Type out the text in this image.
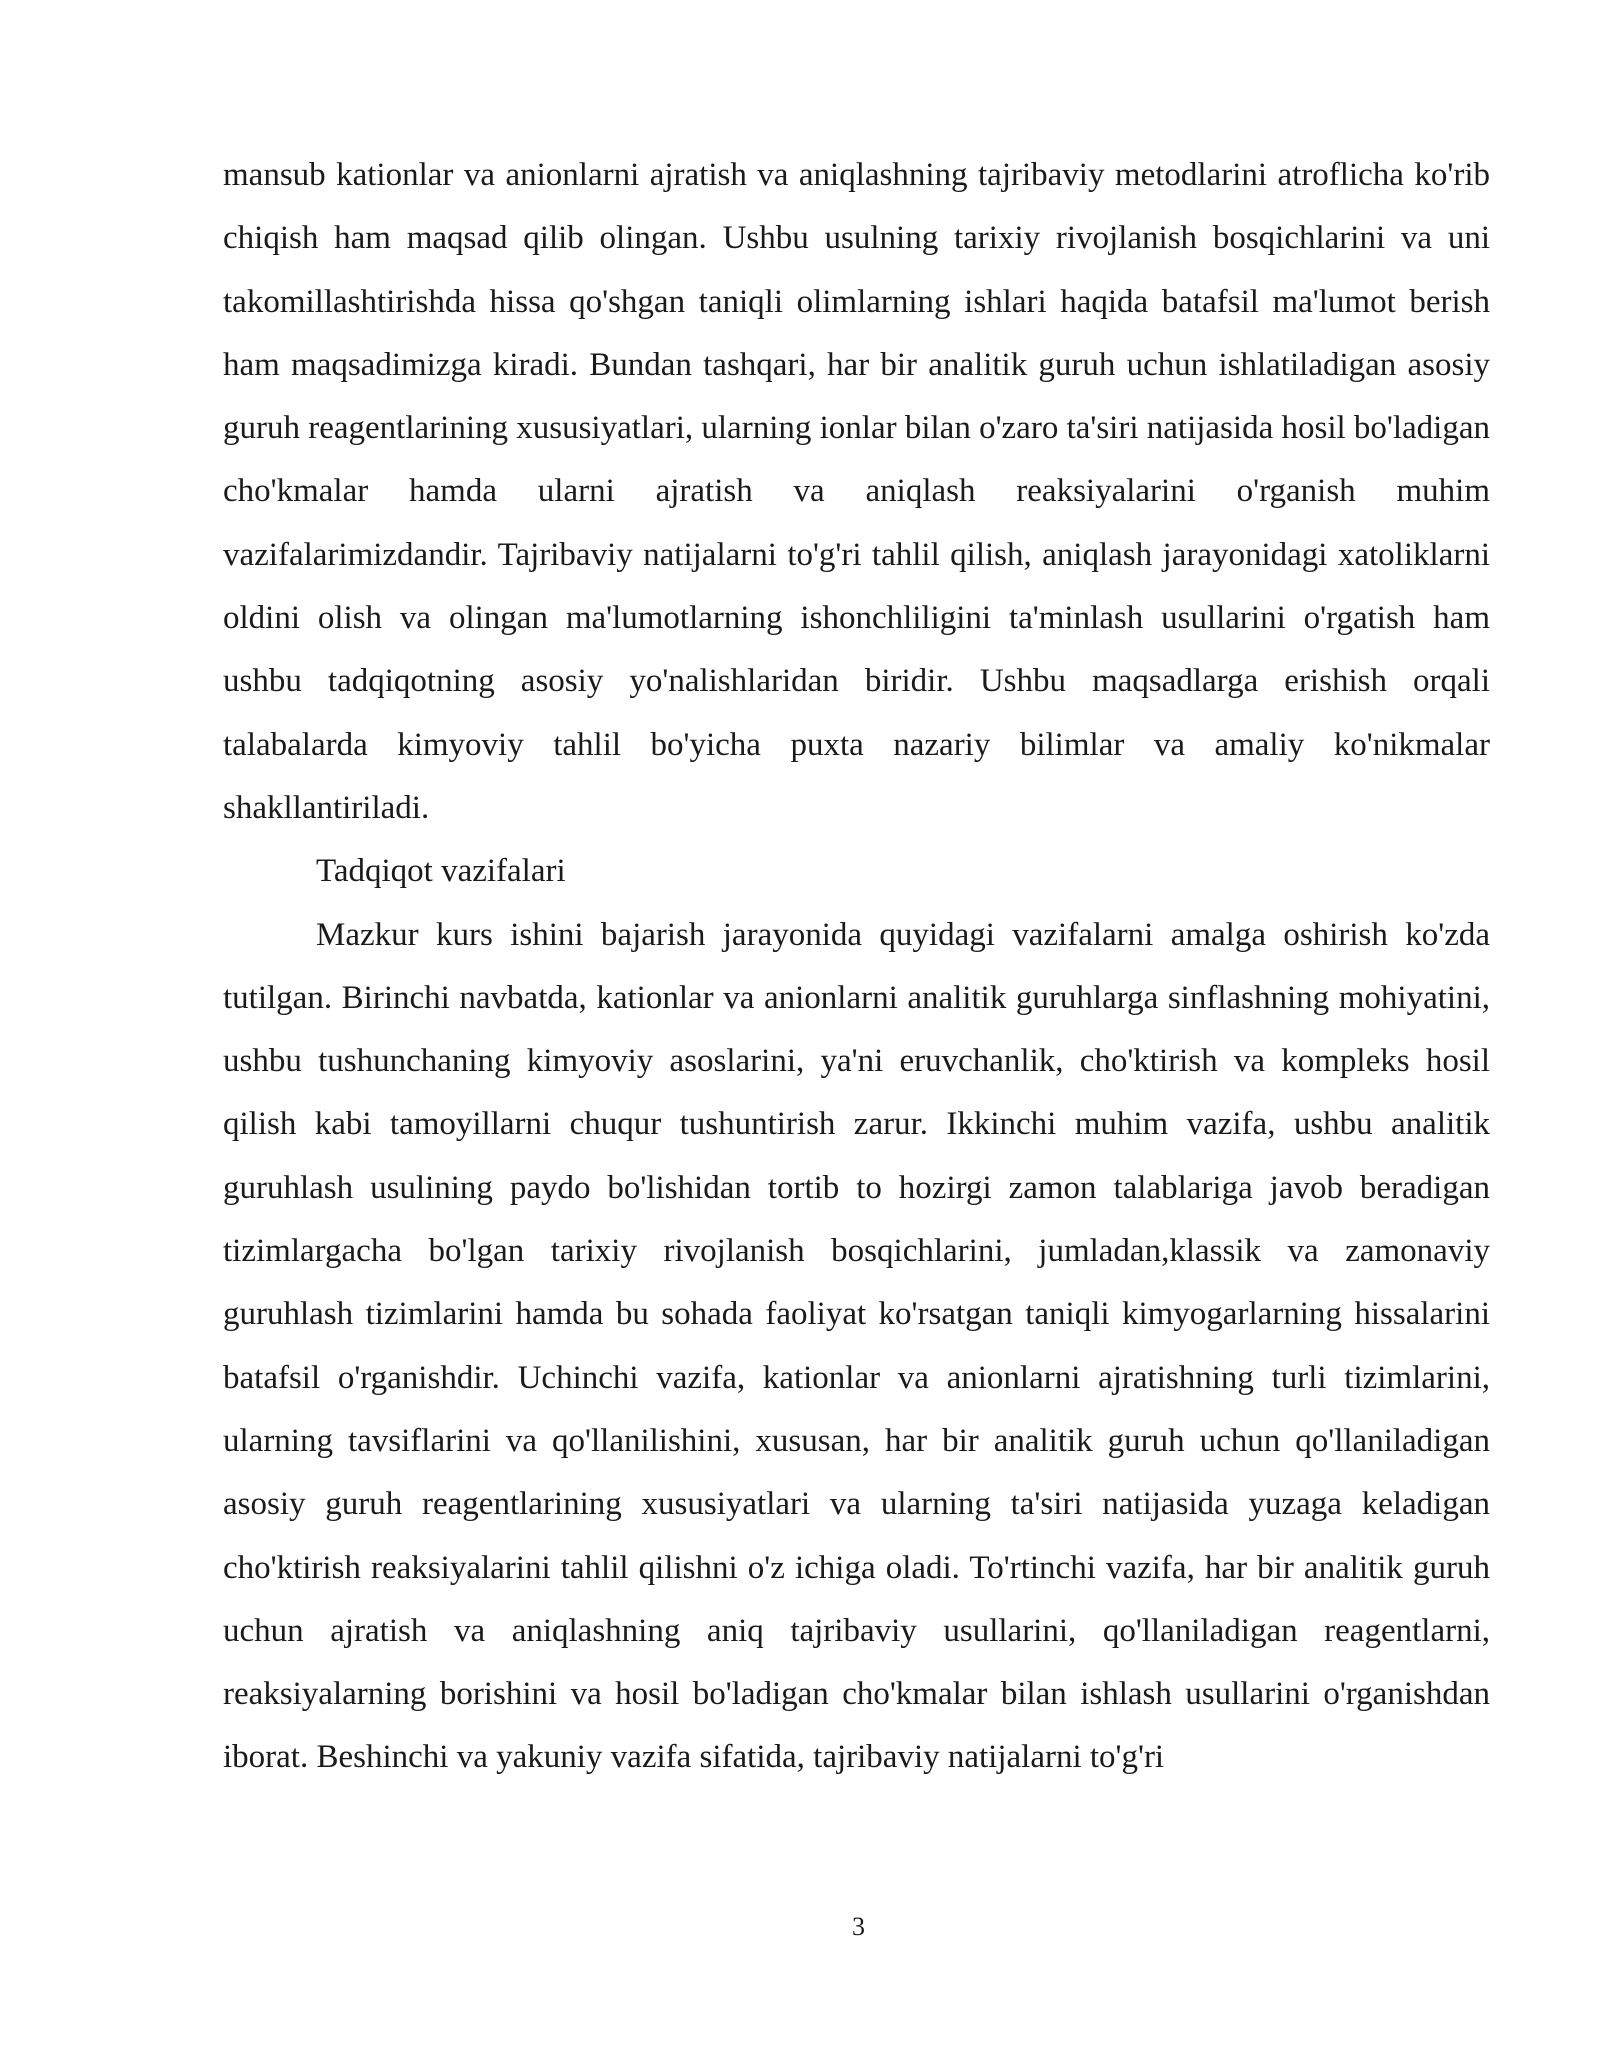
mansub kationlar va anionlarni ajratish va aniqlashning tajribaviy metodlarini atroflicha ko'rib chiqish ham maqsad qilib olingan. Ushbu usulning tarixiy rivojlanish bosqichlarini va uni takomillashtirishda hissa qo'shgan taniqli olimlarning ishlari haqida batafsil ma'lumot berish ham maqsadimizga kiradi. Bundan tashqari, har bir analitik guruh uchun ishlatiladigan asosiy guruh reagentlarining xususiyatlari, ularning ionlar bilan o'zaro ta'siri natijasida hosil bo'ladigan cho'kmalar hamda ularni ajratish va aniqlash reaksiyalarini o'rganish muhim vazifalarimizdandir. Tajribaviy natijalarni to'g'ri tahlil qilish, aniqlash jarayonidagi xatoliklarni oldini olish va olingan ma'lumotlarning ishonchliligini ta'minlash usullarini o'rgatish ham ushbu tadqiqotning asosiy yo'nalishlaridan biridir. Ushbu maqsadlarga erishish orqali talabalarda kimyoviy tahlil bo'yicha puxta nazariy bilimlar va amaliy ko'nikmalar shakllantiriladi.

Tadqiqot vazifalari

Mazkur kurs ishini bajarish jarayonida quyidagi vazifalarni amalga oshirish ko'zda tutilgan. Birinchi navbatda, kationlar va anionlarni analitik guruhlarga sinflashning mohiyatini, ushbu tushunchaning kimyoviy asoslarini, ya'ni eruvchanlik, cho'ktirish va kompleks hosil qilish kabi tamoyillarni chuqur tushuntirish zarur. Ikkinchi muhim vazifa, ushbu analitik guruhlash usulining paydo bo'lishidan tortib to hozirgi zamon talablariga javob beradigan tizimlargacha bo'lgan tarixiy rivojlanish bosqichlarini, jumladan,klassik va zamonaviy guruhlash tizimlarini hamda bu sohada faoliyat ko'rsatgan taniqli kimyogarlarning hissalarini batafsil o'rganishdir. Uchinchi vazifa, kationlar va anionlarni ajratishning turli tizimlarini, ularning tavsiflarini va qo'llanilishini, xususan, har bir analitik guruh uchun qo'llaniladigan asosiy guruh reagentlarining xususiyatlari va ularning ta'siri natijasida yuzaga keladigan cho'ktirish reaksiyalarini tahlil qilishni o'z ichiga oladi. To'rtinchi vazifa, har bir analitik guruh uchun ajratish va aniqlashning aniq tajribaviy usullarini, qo'llaniladigan reagentlarni, reaksiyalarning borishini va hosil bo'ladigan cho'kmalar bilan ishlash usullarini o'rganishdan iborat. Beshinchi va yakuniy vazifa sifatida, tajribaviy natijalarni to'g'ri

3
